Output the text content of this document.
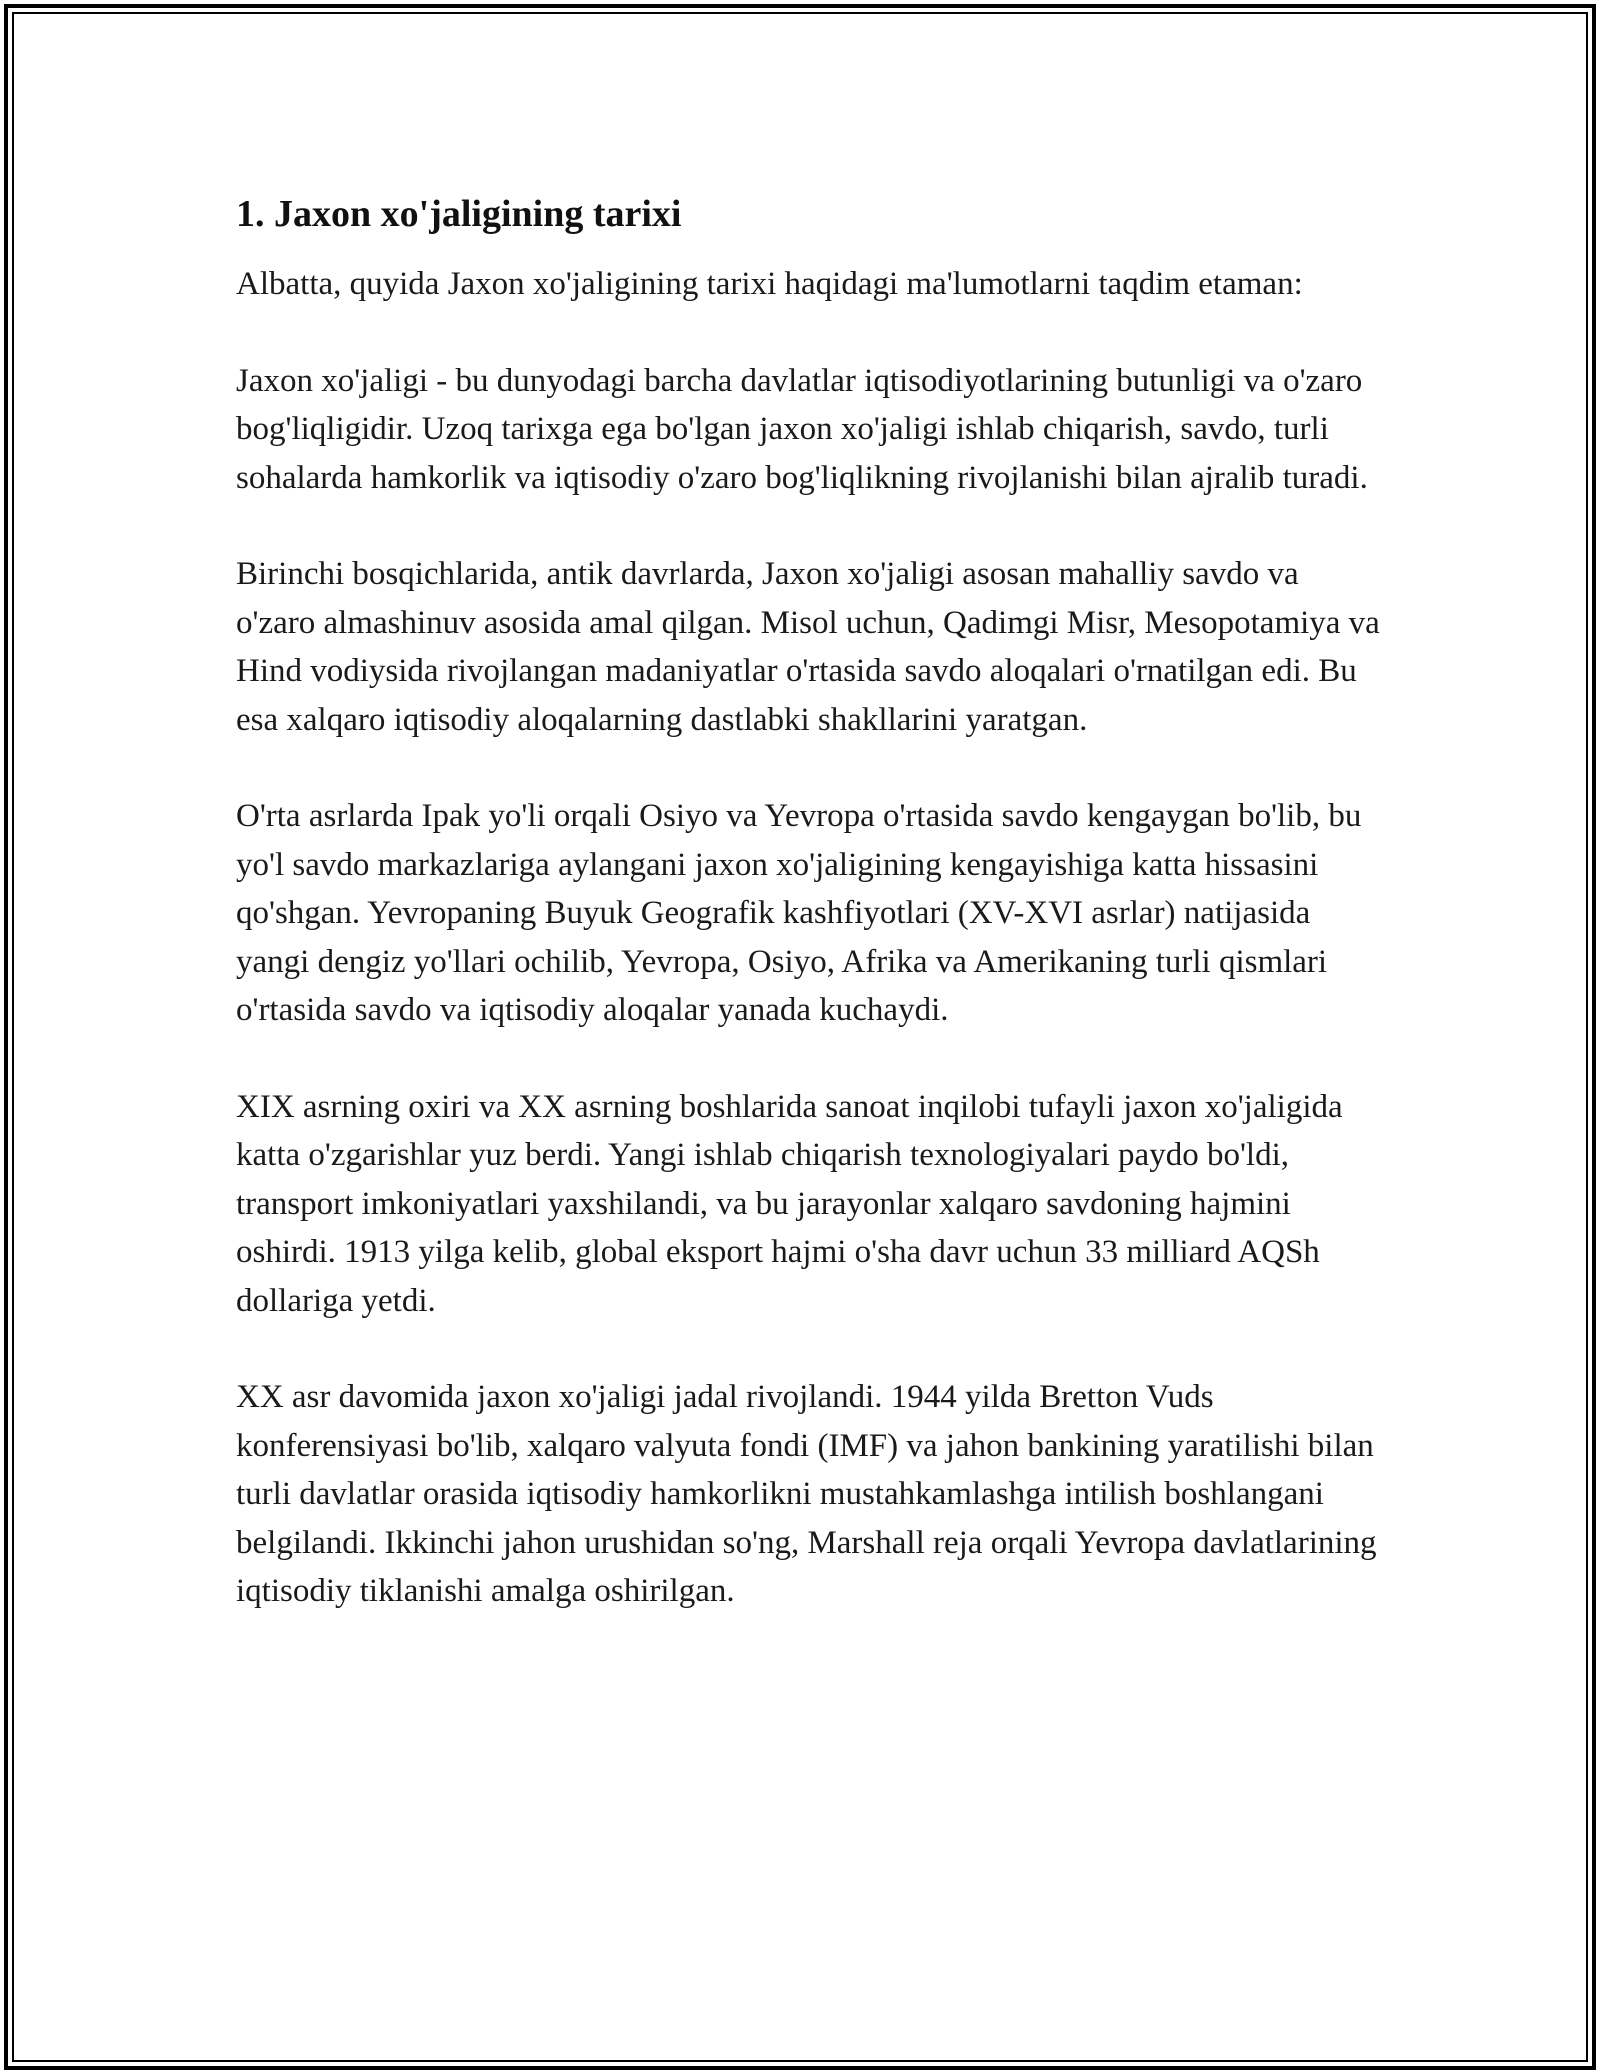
1. Jaxon xo'jaligining tarixi

Albatta, quyida Jaxon xo'jaligining tarixi haqidagi ma'lumotlarni taqdim etaman:

Jaxon xo'jaligi - bu dunyodagi barcha davlatlar iqtisodiyotlarining butunligi va o'zaro bog'liqligidir. Uzoq tarixga ega bo'lgan jaxon xo'jaligi ishlab chiqarish, savdo, turli sohalarda hamkorlik va iqtisodiy o'zaro bog'liqlikning rivojlanishi bilan ajralib turadi.

Birinchi bosqichlarida, antik davrlarda, Jaxon xo'jaligi asosan mahalliy savdo va o'zaro almashinuv asosida amal qilgan. Misol uchun, Qadimgi Misr, Mesopotamiya va Hind vodiysida rivojlangan madaniyatlar o'rtasida savdo aloqalari o'rnatilgan edi. Bu esa xalqaro iqtisodiy aloqalarning dastlabki shakllarini yaratgan.

O'rta asrlarda Ipak yo'li orqali Osiyo va Yevropa o'rtasida savdo kengaygan bo'lib, bu yo'l savdo markazlariga aylangani jaxon xo'jaligining kengayishiga katta hissasini qo'shgan. Yevropaning Buyuk Geografik kashfiyotlari (XV-XVI asrlar) natijasida yangi dengiz yo'llari ochilib, Yevropa, Osiyo, Afrika va Amerikaning turli qismlari o'rtasida savdo va iqtisodiy aloqalar yanada kuchaydi.

XIX asrning oxiri va XX asrning boshlarida sanoat inqilobi tufayli jaxon xo'jaligida katta o'zgarishlar yuz berdi. Yangi ishlab chiqarish texnologiyalari paydo bo'ldi, transport imkoniyatlari yaxshilandi, va bu jarayonlar xalqaro savdoning hajmini oshirdi. 1913 yilga kelib, global eksport hajmi o'sha davr uchun 33 milliard AQSh dollariga yetdi.

XX asr davomida jaxon xo'jaligi jadal rivojlandi. 1944 yilda Bretton Vuds konferensiyasi bo'lib, xalqaro valyuta fondi (IMF) va jahon bankining yaratilishi bilan turli davlatlar orasida iqtisodiy hamkorlikni mustahkamlashga intilish boshlangani belgilandi. Ikkinchi jahon urushidan so'ng, Marshall reja orqali Yevropa davlatlarining iqtisodiy tiklanishi amalga oshirilgan.
